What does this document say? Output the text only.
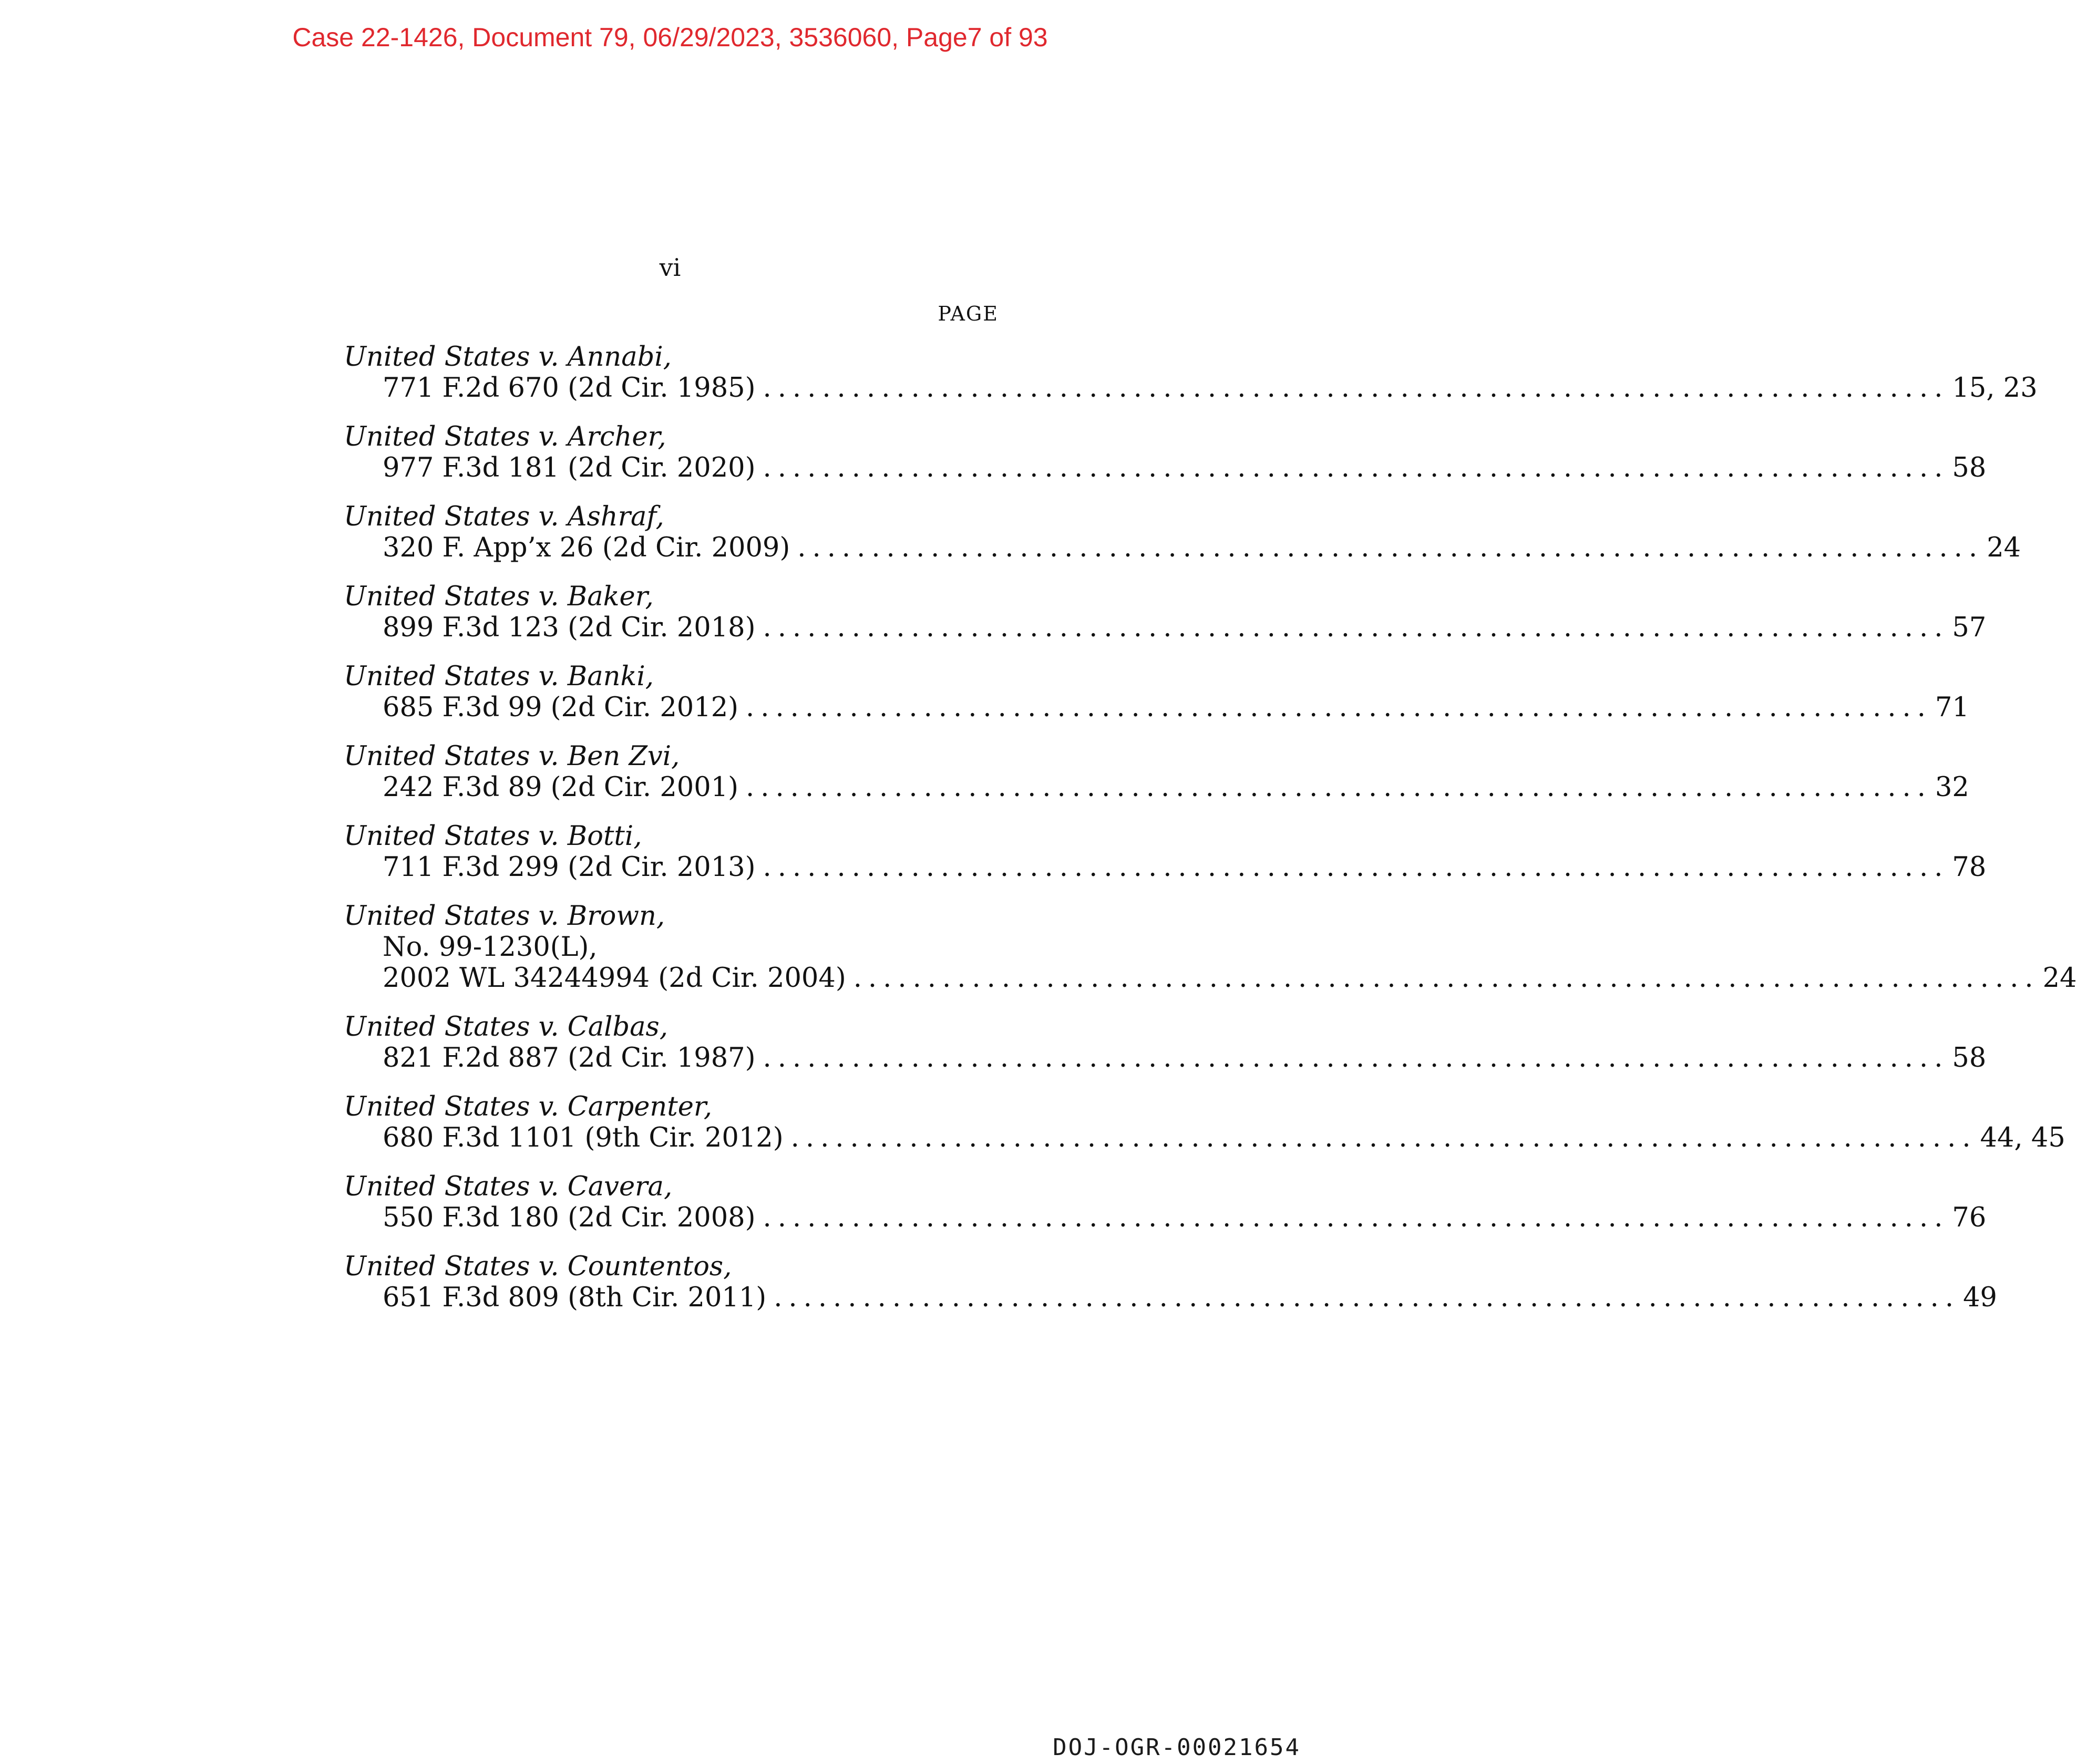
Case 22-1426, Document 79, 06/29/2023, 3536060, Page7 of 93
vi
PAGE
United States v. Annabi,
771 F.2d 670 (2d Cir. 1985) ................................................................................ 15, 23
United States v. Archer,
977 F.3d 181 (2d Cir. 2020) ................................................................................ 58
United States v. Ashraf,
320 F. App’x 26 (2d Cir. 2009) ................................................................................ 24
United States v. Baker,
899 F.3d 123 (2d Cir. 2018) ................................................................................ 57
United States v. Banki,
685 F.3d 99 (2d Cir. 2012) ................................................................................ 71
United States v. Ben Zvi,
242 F.3d 89 (2d Cir. 2001) ................................................................................ 32
United States v. Botti,
711 F.3d 299 (2d Cir. 2013) ................................................................................ 78
United States v. Brown,
No. 99-1230(L),
2002 WL 34244994 (2d Cir. 2004) ................................................................................ 24
United States v. Calbas,
821 F.2d 887 (2d Cir. 1987) ................................................................................ 58
United States v. Carpenter,
680 F.3d 1101 (9th Cir. 2012) ................................................................................ 44, 45
United States v. Cavera,
550 F.3d 180 (2d Cir. 2008) ................................................................................ 76
United States v. Countentos,
651 F.3d 809 (8th Cir. 2011) ................................................................................ 49
DOJ-OGR-00021654
